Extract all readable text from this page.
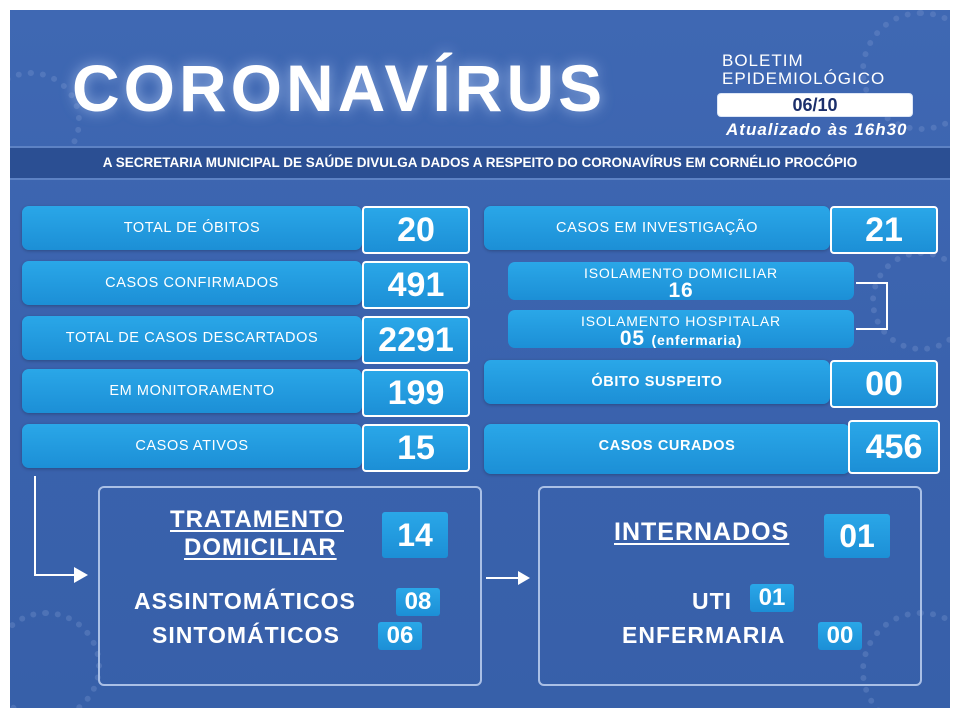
CORONAVÍRUS	BOLETIM
EPIDEMIOLÓGICO
06/10
Atualizado às 16h30
A SECRETARIA MUNICIPAL DE SAÚDE DIVULGA DADOS A RESPEITO DO CORONAVÍRUS EM CORNÉLIO PROCÓPIO
TOTAL DE ÓBITOS	20
CASOS CONFIRMADOS	491
TOTAL DE CASOS DESCARTADOS	2291
EM MONITORAMENTO	199
CASOS ATIVOS	15
CASOS EM INVESTIGAÇÃO	21
ISOLAMENTO DOMICILIAR
16
ISOLAMENTO HOSPITALAR
05 (enfermaria)
ÓBITO SUSPEITO	00
CASOS CURADOS	456
TRATAMENTO
DOMICILIAR	14
ASSINTOMÁTICOS	08
SINTOMÁTICOS	06
INTERNADOS	01
UTI	01
ENFERMARIA	00
